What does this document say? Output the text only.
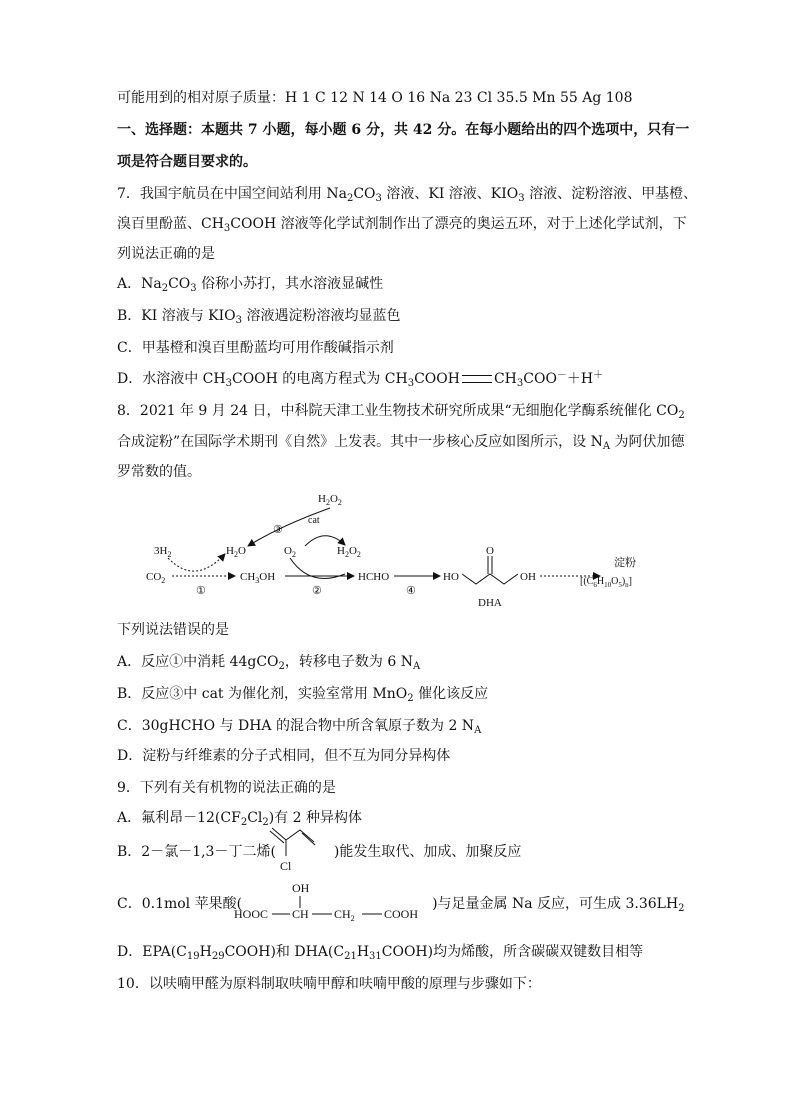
可能用到的相对原子质量：H 1 C 12 N 14 O 16 Na 23 Cl 35.5 Mn 55 Ag 108
一、选择题：本题共 7 小题，每小题 6 分，共 42 分。在每小题给出的四个选项中，只有一
项是符合题目要求的。
7．我国宇航员在中国空间站利用 $Na_2CO_3$ 溶液、KI 溶液、$KIO_3$ 溶液、淀粉溶液、甲基橙、
溴百里酚蓝、$CH_3COOH$ 溶液等化学试剂制作出了漂亮的奥运五环，对于上述化学试剂，下
列说法正确的是
A．$Na_2CO_3$ 俗称小苏打，其水溶液显碱性
B．KI 溶液与 $KIO_3$ 溶液遇淀粉溶液均显蓝色
C．甲基橙和溴百里酚蓝均可用作酸碱指示剂
D．水溶液中 $CH_3COOH$ 的电离方程式为 $CH_3COOH$ $CH_3COO^-+H^+$
8．2021 年 9 月 24 日，中科院天津工业生物技术研究所成果“无细胞化学酶系统催化 $CO_2$
合成淀粉”在国际学术期刊《自然》上发表。其中一步核心反应如图所示，设 $N_A$ 为阿伏加德
罗常数的值。
$H_2O_2$
cat
③
$3H_2$	$H_2O$	$O_2$	$H_2O_2$
$CO_2$
①
$CH_3OH$
②
HCHO
④
HO
O
OH
DHA
淀粉
$[(C_6H_{10}O_5)_n]$
下列说法错误的是
A．反应①中消耗 44gCO$_2$，转移电子数为 6 $N_A$
B．反应③中 cat 为催化剂，实验室常用 MnO$_2$ 催化该反应
C．30gHCHO 与 DHA 的混合物中所含氧原子数为 2 $N_A$
D．淀粉与纤维素的分子式相同，但不互为同分异构体
9．下列有关有机物的说法正确的是
A．氟利昂$-12(CF_2Cl_2)$有 2 种异构体
B．2－氯－1,3－丁二烯(	)能发生取代、加成、加聚反应
Cl
C．0.1mol 苹果酸(	)与足量金属 Na 反应，可生成 $3.36LH_2$
OH
HOOC CH $CH_2$ COOH
D．$EPA(C_{19}H_{29}COOH)$和 $DHA(C_{21}H_{31}COOH)$均为烯酸，所含碳碳双键数目相等
10．以呋喃甲醛为原料制取呋喃甲醇和呋喃甲酸的原理与步骤如下：
